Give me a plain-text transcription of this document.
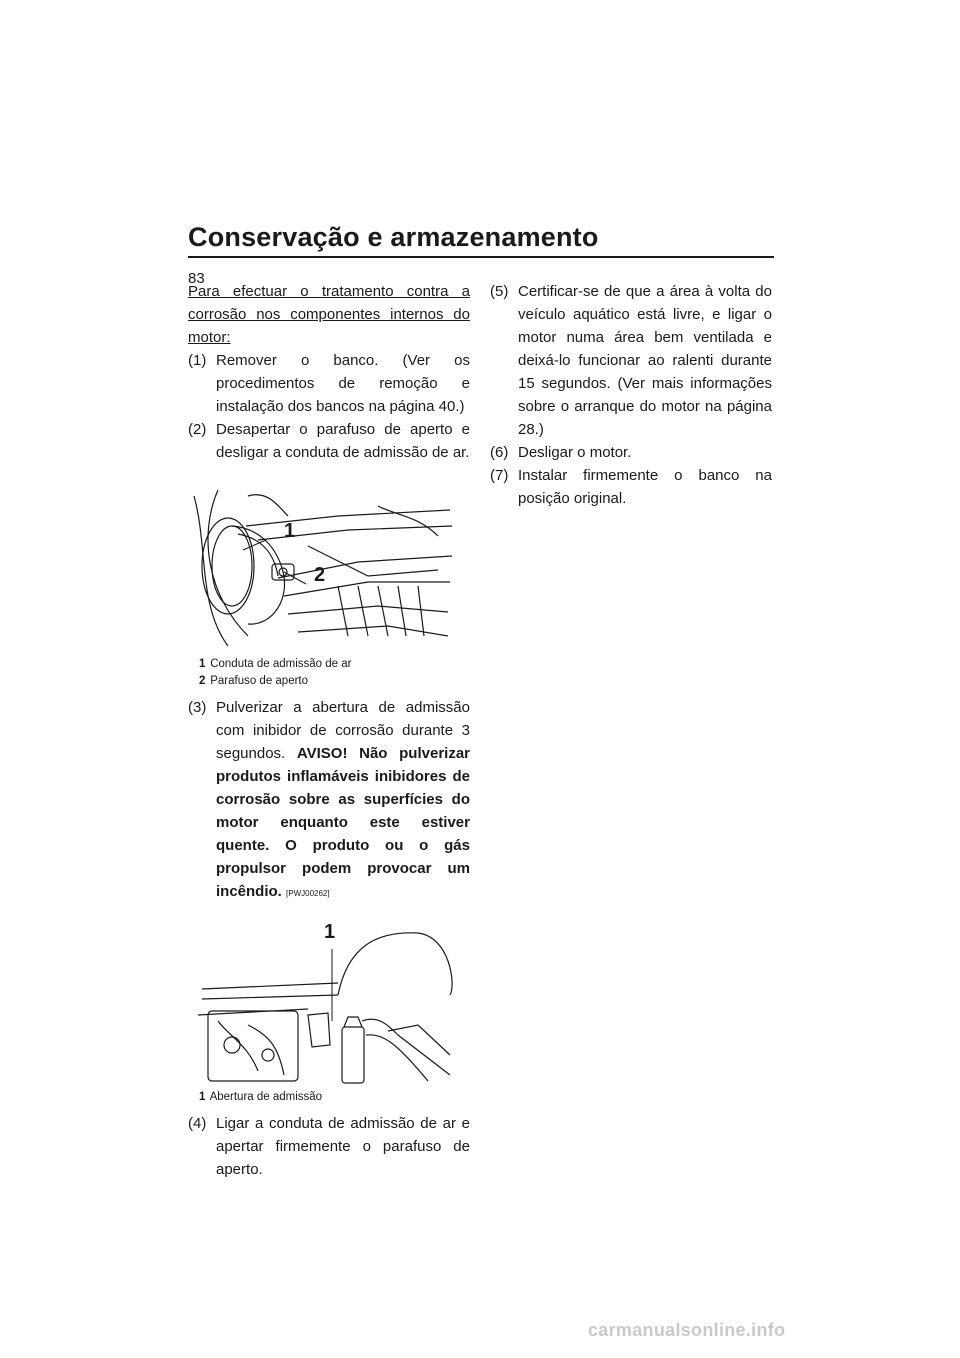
Conservação e armazenamento
83
Para efectuar o tratamento contra a corrosão nos componentes internos do motor:
(1) Remover o banco. (Ver os procedimentos de remoção e instalação dos bancos na página 40.)
(2) Desapertar o parafuso de aperto e desligar a conduta de admissão de ar.
1
2
1 Conduta de admissão de ar
2 Parafuso de aperto
(3) Pulverizar a abertura de admissão com inibidor de corrosão durante 3 segundos. AVISO! Não pulverizar produtos inflamáveis inibidores de corrosão sobre as superfícies do motor enquanto este estiver quente. O produto ou o gás propulsor podem provocar um incêndio. [PWJ00262]
1
1 Abertura de admissão
(4) Ligar a conduta de admissão de ar e apertar firmemente o parafuso de aperto.
(5) Certificar-se de que a área à volta do veículo aquático está livre, e ligar o motor numa área bem ventilada e deixá-lo funcionar ao ralenti durante 15 segundos. (Ver mais informações sobre o arranque do motor na página 28.)
(6) Desligar o motor.
(7) Instalar firmemente o banco na posição original.
carmanualsonline.info
